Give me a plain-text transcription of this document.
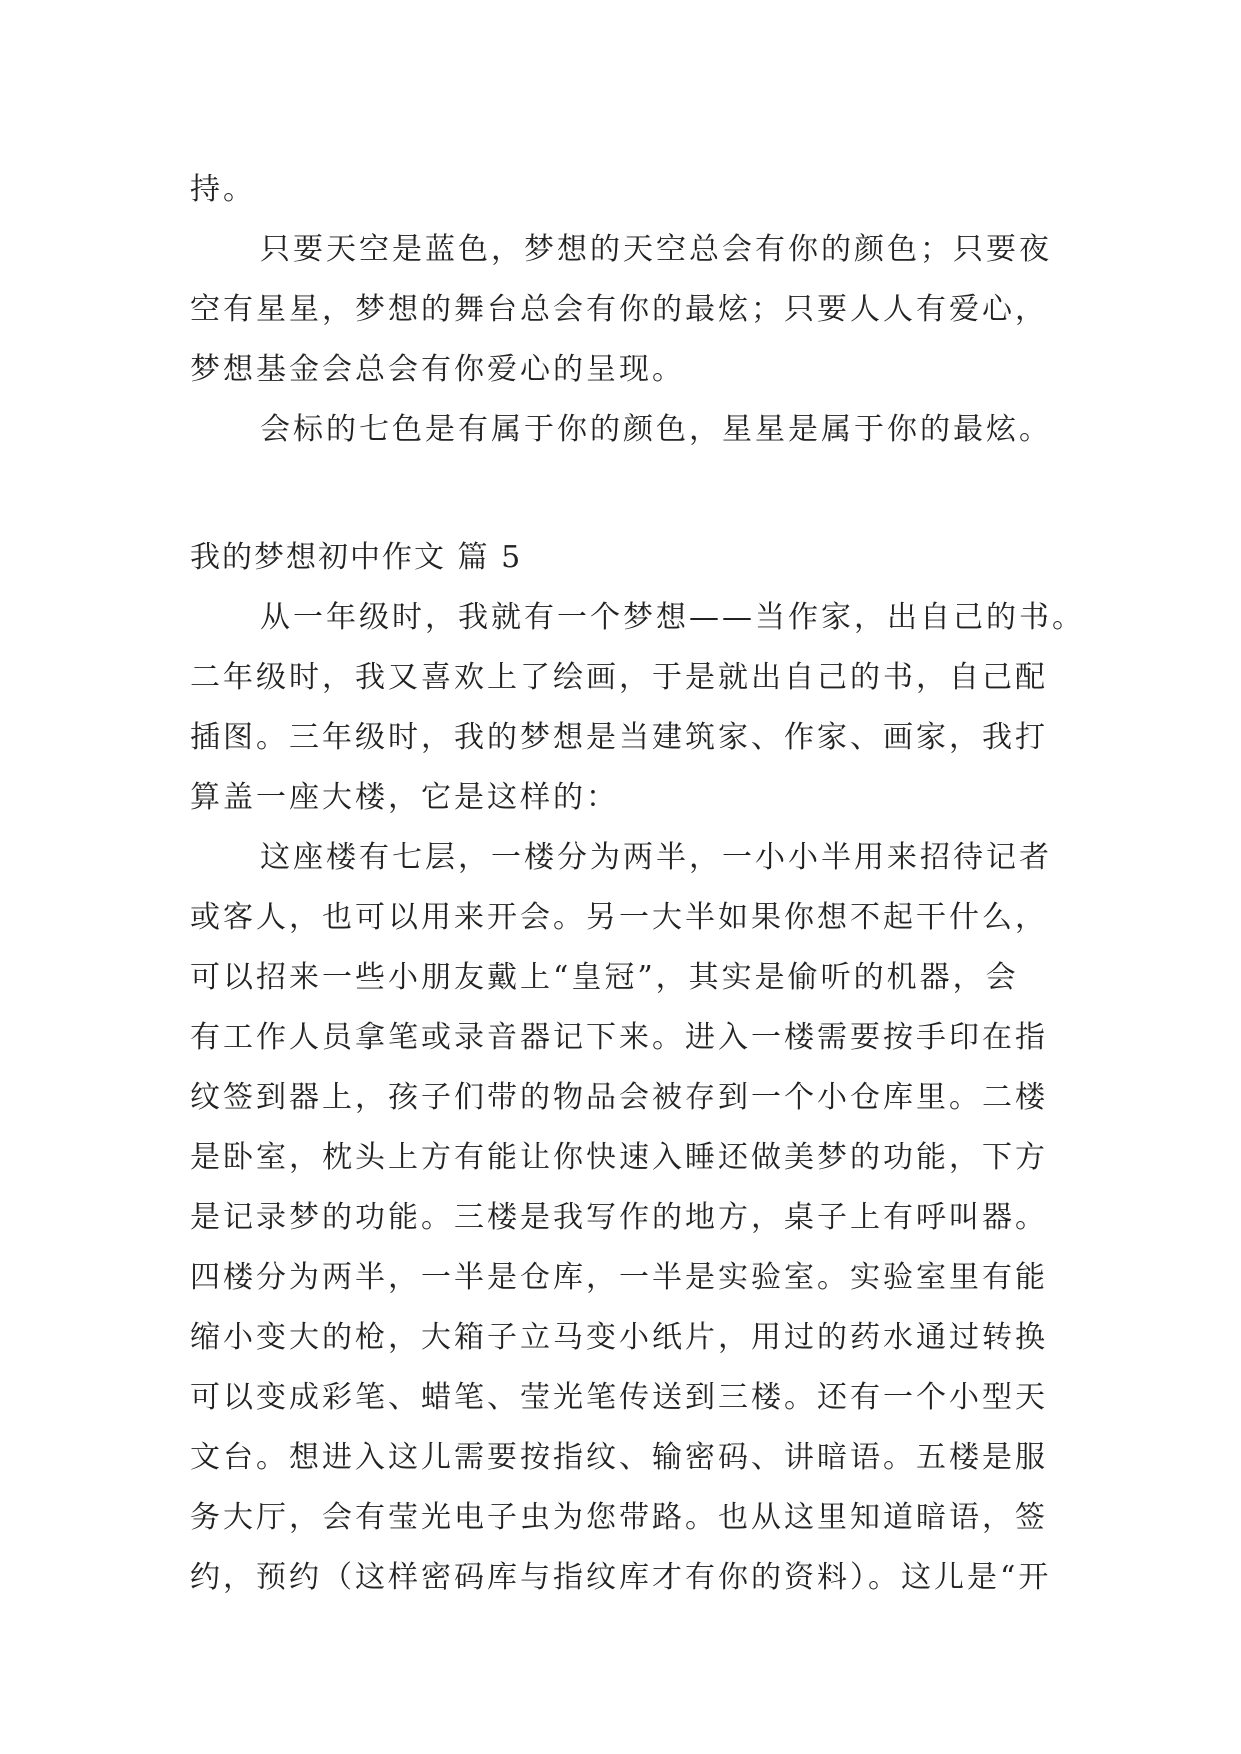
持。
只要天空是蓝色，梦想的天空总会有你的颜色；只要夜
空有星星，梦想的舞台总会有你的最炫；只要人人有爱心，
梦想基金会总会有你爱心的呈现。
会标的七色是有属于你的颜色，星星是属于你的最炫。
我的梦想初中作文 篇 5
从一年级时，我就有一个梦想——当作家，出自己的书。
二年级时，我又喜欢上了绘画，于是就出自己的书，自己配
插图。三年级时，我的梦想是当建筑家、作家、画家，我打
算盖一座大楼，它是这样的：
这座楼有七层，一楼分为两半，一小小半用来招待记者
或客人，也可以用来开会。另一大半如果你想不起干什么，
可以招来一些小朋友戴上“皇冠”，其实是偷听的机器，会
有工作人员拿笔或录音器记下来。进入一楼需要按手印在指
纹签到器上，孩子们带的物品会被存到一个小仓库里。二楼
是卧室，枕头上方有能让你快速入睡还做美梦的功能，下方
是记录梦的功能。三楼是我写作的地方，桌子上有呼叫器。
四楼分为两半，一半是仓库，一半是实验室。实验室里有能
缩小变大的枪，大箱子立马变小纸片，用过的药水通过转换
可以变成彩笔、蜡笔、莹光笔传送到三楼。还有一个小型天
文台。想进入这儿需要按指纹、输密码、讲暗语。五楼是服
务大厅，会有莹光电子虫为您带路。也从这里知道暗语，签
约，预约（这样密码库与指纹库才有你的资料）。这儿是“开
